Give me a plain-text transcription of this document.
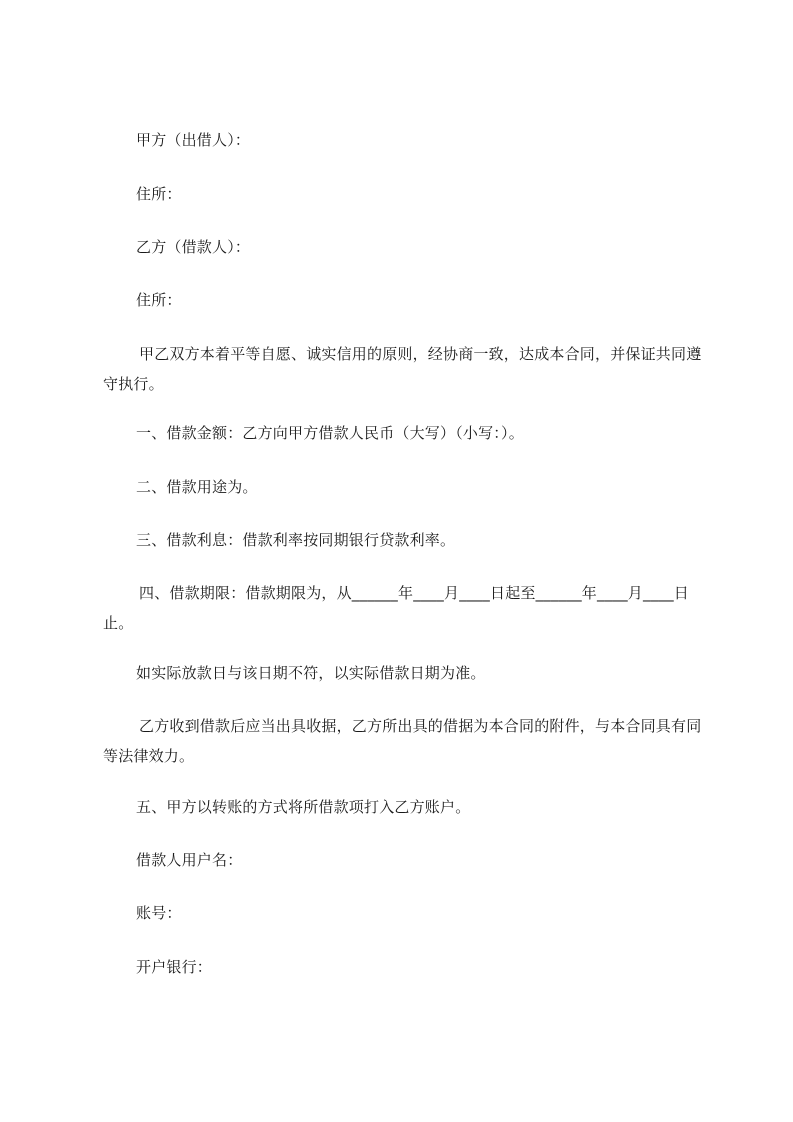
甲方（出借人）：
住所：
乙方（借款人）：
住所：
甲乙双方本着平等自愿、诚实信用的原则，经协商一致，达成本合同，并保证共同遵守执行。
一、借款金额：乙方向甲方借款人民币（大写）（小写：）。
二、借款用途为。
三、借款利息：借款利率按同期银行贷款利率。
四、借款期限：借款期限为，从______年____月____日起至______年____月____日止。
如实际放款日与该日期不符，以实际借款日期为准。
乙方收到借款后应当出具收据，乙方所出具的借据为本合同的附件，与本合同具有同等法律效力。
五、甲方以转账的方式将所借款项打入乙方账户。
借款人用户名：
账号：
开户银行：
